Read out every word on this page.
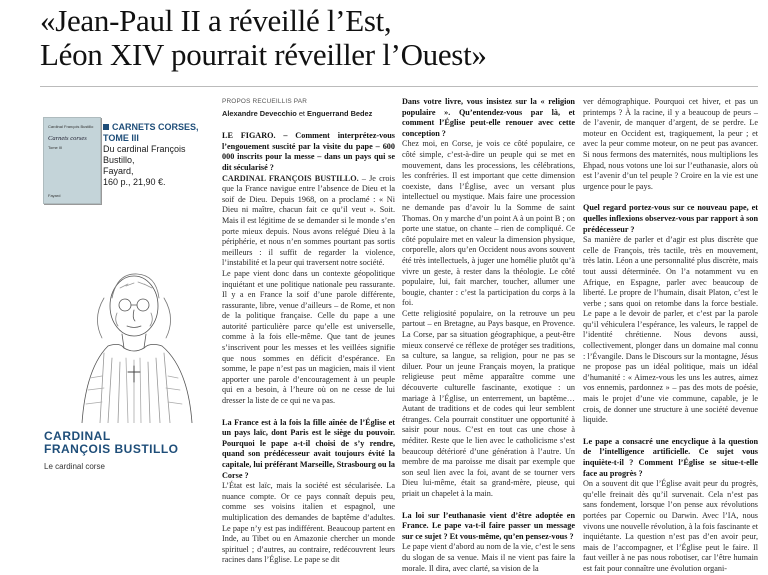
«Jean-Paul II a réveillé l’Est,
Léon XIV pourrait réveiller l’Ouest»
Cardinal François Bustillo
Carnets corses
Tome III
Fayard
CARNETS CORSES,
TOME III
Du cardinal François
Bustillo,
Fayard,
160 p., 21,90 €.
CARDINAL
FRANÇOIS BUSTILLO
Le cardinal corse

PROPOS RECUEILLIS PAR

Alexandre Devecchio et Enguerrand Bedez

LE FIGARO. – Comment interprétez-vous l’engouement suscité par la visite du pape – 600 000 inscrits pour la messe – dans un pays qui se dit sécularisé ?

CARDINAL FRANÇOIS BUSTILLO. – Je crois que la France navigue entre l’absence de Dieu et la soif de Dieu. Depuis 1968, on a proclamé : « Ni Dieu ni maître, chacun fait ce qu’il veut ». Soit. Mais il est légitime de se demander si le monde s’en porte mieux depuis. Nous avons relégué Dieu à la périphérie, et nous n’en sommes pourtant pas sortis meilleurs : il suffit de regarder la violence, l’instabilité et la peur qui traversent notre société.

Le pape vient donc dans un contexte géopolitique inquiétant et une politique nationale peu rassurante. Il y a en France la soif d’une parole différente, rassurante, libre, venue d’ailleurs – de Rome, et non de la politique française. Celle du pape a une autorité particulière parce qu’elle est universelle, comme à la fois elle-même. Que tant de jeunes s’inscrivent pour les messes et les veillées signifie que nous sommes en déficit d’espérance. En somme, le pape n’est pas un magicien, mais il vient apporter une parole d’encouragement à un peuple qui en a besoin, à l’heure où on ne cesse de lui dresser la liste de ce qui ne va pas.

La France est à la fois la fille aînée de l’Église et un pays laïc, dont Paris est le siège du pouvoir. Pourquoi le pape a-t-il choisi de s’y rendre, quand son prédécesseur avait toujours évité la capitale, lui préférant Marseille, Strasbourg ou la Corse ?

L’État est laïc, mais la société est sécularisée. La nuance compte. Or ce pays connaît depuis peu, comme ses voisins italien et espagnol, une multiplication des demandes de baptême d’adultes. Le pape n’y est pas indifférent. Beaucoup partent en Inde, au Tibet ou en Amazonie chercher un monde spirituel ; d’autres, au contraire, redécouvrent leurs racines dans l’Église. Le pape se dit

Dans votre livre, vous insistez sur la « religion populaire ». Qu’entendez-vous par là, et comment l’Église peut-elle renouer avec cette conception ?

Chez moi, en Corse, je vois ce côté populaire, ce côté simple, c’est-à-dire un peuple qui se met en mouvement, dans les processions, les célébrations, les confréries. Il est important que cette dimension coexiste, dans l’Église, avec un versant plus intellectuel ou mystique. Mais faire une procession ne demande pas d’avoir lu la Somme de saint Thomas. On y marche d’un point A à un point B ; on porte une statue, on chante – rien de compliqué. Ce côté populaire met en valeur la dimension physique, corporelle, alors qu’en Occident nous avons souvent été très intellectuels, à juger une homélie plutôt qu’à vivre un geste, à rester dans la théologie. Le côté populaire, lui, fait marcher, toucher, allumer une bougie, chanter : c’est la participation du corps à la foi.

Cette religiosité populaire, on la retrouve un peu partout – en Bretagne, au Pays basque, en Provence. La Corse, par sa situation géographique, a peut-être mieux conservé ce réflexe de protéger ses traditions, sa culture, sa langue, sa religion, pour ne pas se diluer. Pour un jeune Français moyen, la pratique religieuse peut même apparaître comme une découverte culturelle fascinante, exotique : un mariage à l’Église, un enterrement, un baptême… Autant de traditions et de codes qui leur semblent étranges. Cela pourrait constituer une opportunité à saisir pour nous. C’est en tout cas une chose à méditer. Reste que le lien avec le catholicisme s’est beaucoup détérioré d’une génération à l’autre. Un membre de ma paroisse me disait par exemple que son seul lien avec la foi, avant de se tourner vers Dieu lui-même, était sa grand-mère, pieuse, qui priait un chapelet à la main.

La loi sur l’euthanasie vient d’être adoptée en France. Le pape va-t-il faire passer un message sur ce sujet ? Et vous-même, qu’en pensez-vous ?

Le pape vient d’abord au nom de la vie, c’est le sens du slogan de sa venue. Mais il ne vient pas faire la morale. Il dira, avec clarté, sa vision de la

ver démographique. Pourquoi cet hiver, et pas un printemps ? À la racine, il y a beaucoup de peurs – de l’avenir, de manquer d’argent, de se perdre. Le moteur en Occident est, tragiquement, la peur ; et avec la peur comme moteur, on ne peut pas avancer. Si nous fermons des maternités, nous multiplions les Ehpad, nous votons une loi sur l’euthanasie, alors où est l’avenir d’un tel peuple ? Croire en la vie est une urgence pour le pays.

Quel regard portez-vous sur ce nouveau pape, et quelles inflexions observez-vous par rapport à son prédécesseur ?

Sa manière de parler et d’agir est plus discrète que celle de François, très tactile, très en mouvement, très latin. Léon a une personnalité plus discrète, mais tout aussi déterminée. On l’a notamment vu en Afrique, en Espagne, parler avec beaucoup de liberté. Le propre de l’humain, disait Platon, c’est le verbe ; sans quoi on retombe dans la force bestiale. Le pape a le devoir de parler, et c’est par la parole qu’il véhiculera l’espérance, les valeurs, le rappel de l’identité chrétienne. Nous devons aussi, collectivement, plonger dans un domaine mal connu : l’Évangile. Dans le Discours sur la montagne, Jésus ne propose pas un idéal politique, mais un idéal d’humanité : « Aimez-vous les uns les autres, aimez vos ennemis, pardonnez » – pas des mots de poésie, mais le projet d’une vie commune, capable, je le crois, de donner une structure à une société devenue liquide.

Le pape a consacré une encyclique à la question de l’intelligence artificielle. Ce sujet vous inquiète-t-il ? Comment l’Église se situe-t-elle face au progrès ?

On a souvent dit que l’Église avait peur du progrès, qu’elle freinait dès qu’il survenait. Cela n’est pas sans fondement, lorsque l’on pense aux révolutions portées par Copernic ou Darwin. Avec l’IA, nous vivons une nouvelle révolution, à la fois fascinante et inquiétante. La question n’est pas d’en avoir peur, mais de l’accompagner, et l’Église peut le faire. Il faut veiller à ne pas nous robotiser, car l’être humain est fait pour connaître une évolution organi-
